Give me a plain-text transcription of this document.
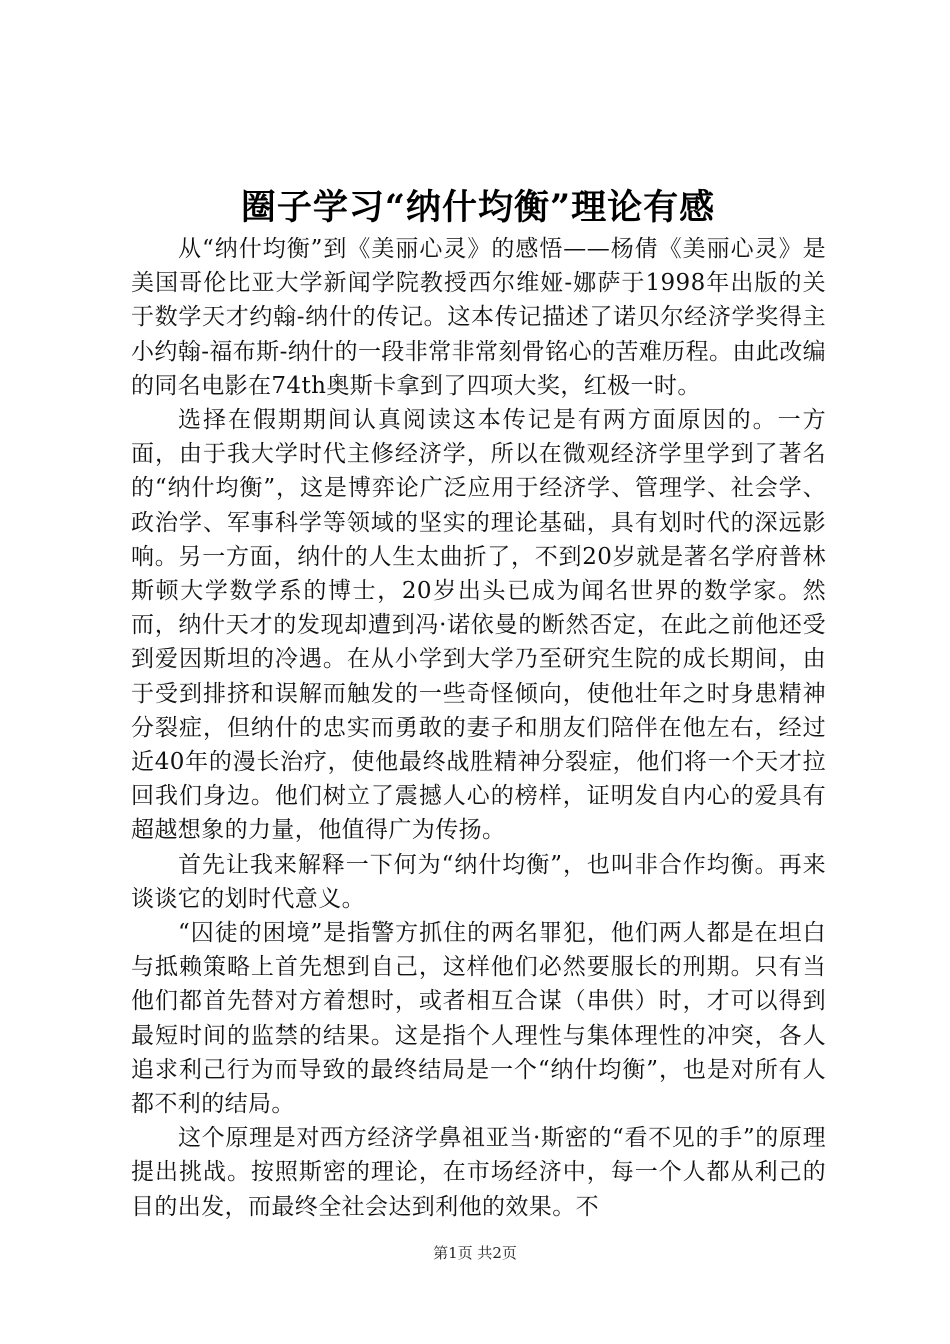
圈子学习“纳什均衡”理论有感

从“纳什均衡”到《美丽心灵》的感悟——杨倩《美丽心灵》是美国哥伦比亚大学新闻学院教授西尔维娅-娜萨于1998年出版的关于数学天才约翰-纳什的传记。这本传记描述了诺贝尔经济学奖得主小约翰-福布斯-纳什的一段非常非常刻骨铭心的苦难历程。由此改编的同名电影在74th奥斯卡拿到了四项大奖，红极一时。

选择在假期期间认真阅读这本传记是有两方面原因的。一方面，由于我大学时代主修经济学，所以在微观经济学里学到了著名的“纳什均衡”，这是博弈论广泛应用于经济学、管理学、社会学、政治学、军事科学等领域的坚实的理论基础，具有划时代的深远影响。另一方面，纳什的人生太曲折了，不到20岁就是著名学府普林斯顿大学数学系的博士，20岁出头已成为闻名世界的数学家。然而，纳什天才的发现却遭到冯·诺依曼的断然否定，在此之前他还受到爱因斯坦的冷遇。在从小学到大学乃至研究生院的成长期间，由于受到排挤和误解而触发的一些奇怪倾向，使他壮年之时身患精神分裂症，但纳什的忠实而勇敢的妻子和朋友们陪伴在他左右，经过近40年的漫长治疗，使他最终战胜精神分裂症，他们将一个天才拉回我们身边。他们树立了震撼人心的榜样，证明发自内心的爱具有超越想象的力量，他值得广为传扬。

首先让我来解释一下何为“纳什均衡”，也叫非合作均衡。再来谈谈它的划时代意义。

“囚徒的困境”是指警方抓住的两名罪犯，他们两人都是在坦白与抵赖策略上首先想到自己，这样他们必然要服长的刑期。只有当他们都首先替对方着想时，或者相互合谋（串供）时，才可以得到最短时间的监禁的结果。这是指个人理性与集体理性的冲突，各人追求利己行为而导致的最终结局是一个“纳什均衡”，也是对所有人都不利的结局。

这个原理是对西方经济学鼻祖亚当·斯密的“看不见的手”的原理提出挑战。按照斯密的理论，在市场经济中，每一个人都从利己的目的出发，而最终全社会达到利他的效果。不

第1页 共2页
